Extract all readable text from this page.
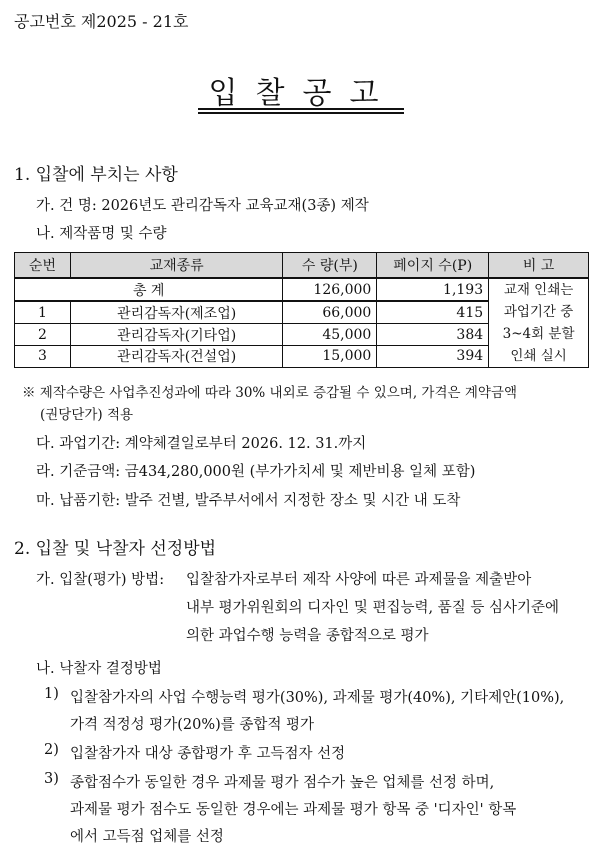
공고번호 제2025 - 21호
입찰공고
1. 입찰에 부치는 사항
가. 건 명: 2026년도 관리감독자 교육교재(3종) 제작
나. 제작품명 및 수량
순번	교재종류	수 량(부)	페이지 수(P)	비 고
총 계		126,000	1,193	교재 인쇄는
과업기간 중
3~4회 분할
인쇄 실시

1	관리감독자(제조업)	66,000	415	
2	관리감독자(기타업)	45,000	384	
3	관리감독자(건설업)	15,000	394	
※ 제작수량은 사업추진성과에 따라 30% 내외로 증감될 수 있으며, 가격은 계약금액
(권당단가) 적용
다. 과업기간: 계약체결일로부터 2026. 12. 31.까지
라. 기준금액: 금434,280,000원 (부가가치세 및 제반비용 일체 포함)
마. 납품기한: 발주 건별, 발주부서에서 지정한 장소 및 시간 내 도착
2. 입찰 및 낙찰자 선정방법
가. 입찰(평가) 방법: 입찰참가자로부터 제작 사양에 따른 과제물을 제출받아
내부 평가위원회의 디자인 및 편집능력, 품질 등 심사기준에
의한 과업수행 능력을 종합적으로 평가
나. 낙찰자 결정방법
1) 입찰참가자의 사업 수행능력 평가(30%), 과제물 평가(40%), 기타제안(10%),
가격 적정성 평가(20%)를 종합적 평가
2) 입찰참가자 대상 종합평가 후 고득점자 선정
3) 종합점수가 동일한 경우 과제물 평가 점수가 높은 업체를 선정 하며,
과제물 평가 점수도 동일한 경우에는 과제물 평가 항목 중 '디자인' 항목
에서 고득점 업체를 선정
